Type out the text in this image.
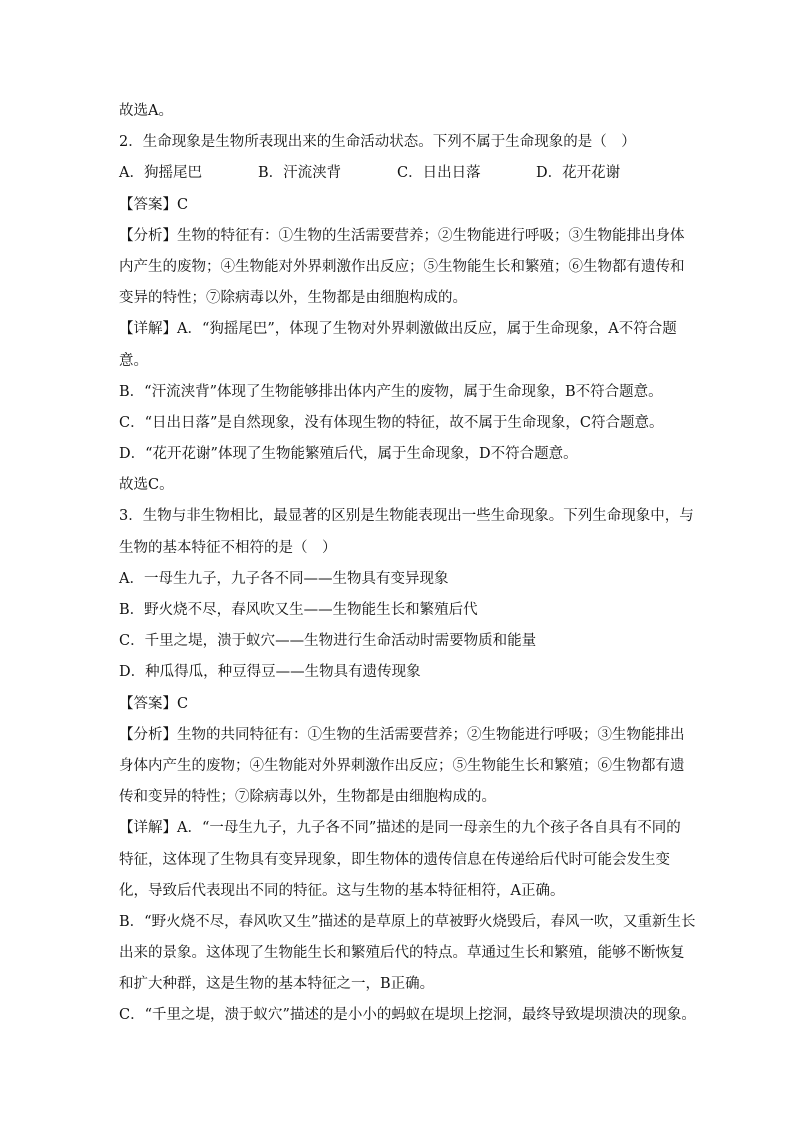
故选A。
2．生命现象是生物所表现出来的生命活动状态。下列不属于生命现象的是（　）
A．狗摇尾巴	B．汗流浃背	C．日出日落	D．花开花谢
【答案】C
【分析】生物的特征有：①生物的生活需要营养；②生物能进行呼吸；③生物能排出身体
内产生的废物；④生物能对外界刺激作出反应；⑤生物能生长和繁殖；⑥生物都有遗传和
变异的特性；⑦除病毒以外，生物都是由细胞构成的。
【详解】A．“狗摇尾巴”，体现了生物对外界刺激做出反应，属于生命现象，A不符合题
意。
B．“汗流浃背”体现了生物能够排出体内产生的废物，属于生命现象，B不符合题意。
C．“日出日落”是自然现象，没有体现生物的特征，故不属于生命现象，C符合题意。
D．“花开花谢”体现了生物能繁殖后代，属于生命现象，D不符合题意。
故选C。
3．生物与非生物相比，最显著的区别是生物能表现出一些生命现象。下列生命现象中，与
生物的基本特征不相符的是（　）
A．一母生九子，九子各不同——生物具有变异现象
B．野火烧不尽，春风吹又生——生物能生长和繁殖后代
C．千里之堤，溃于蚁穴——生物进行生命活动时需要物质和能量
D．种瓜得瓜，种豆得豆——生物具有遗传现象
【答案】C
【分析】生物的共同特征有：①生物的生活需要营养；②生物能进行呼吸；③生物能排出
身体内产生的废物；④生物能对外界刺激作出反应；⑤生物能生长和繁殖；⑥生物都有遗
传和变异的特性；⑦除病毒以外，生物都是由细胞构成的。
【详解】A．“一母生九子，九子各不同”描述的是同一母亲生的九个孩子各自具有不同的
特征，这体现了生物具有变异现象，即生物体的遗传信息在传递给后代时可能会发生变
化，导致后代表现出不同的特征。这与生物的基本特征相符，A正确。
B．“野火烧不尽，春风吹又生”描述的是草原上的草被野火烧毁后，春风一吹，又重新生长
出来的景象。这体现了生物能生长和繁殖后代的特点。草通过生长和繁殖，能够不断恢复
和扩大种群，这是生物的基本特征之一，B正确。
C．“千里之堤，溃于蚁穴”描述的是小小的蚂蚁在堤坝上挖洞，最终导致堤坝溃决的现象。
